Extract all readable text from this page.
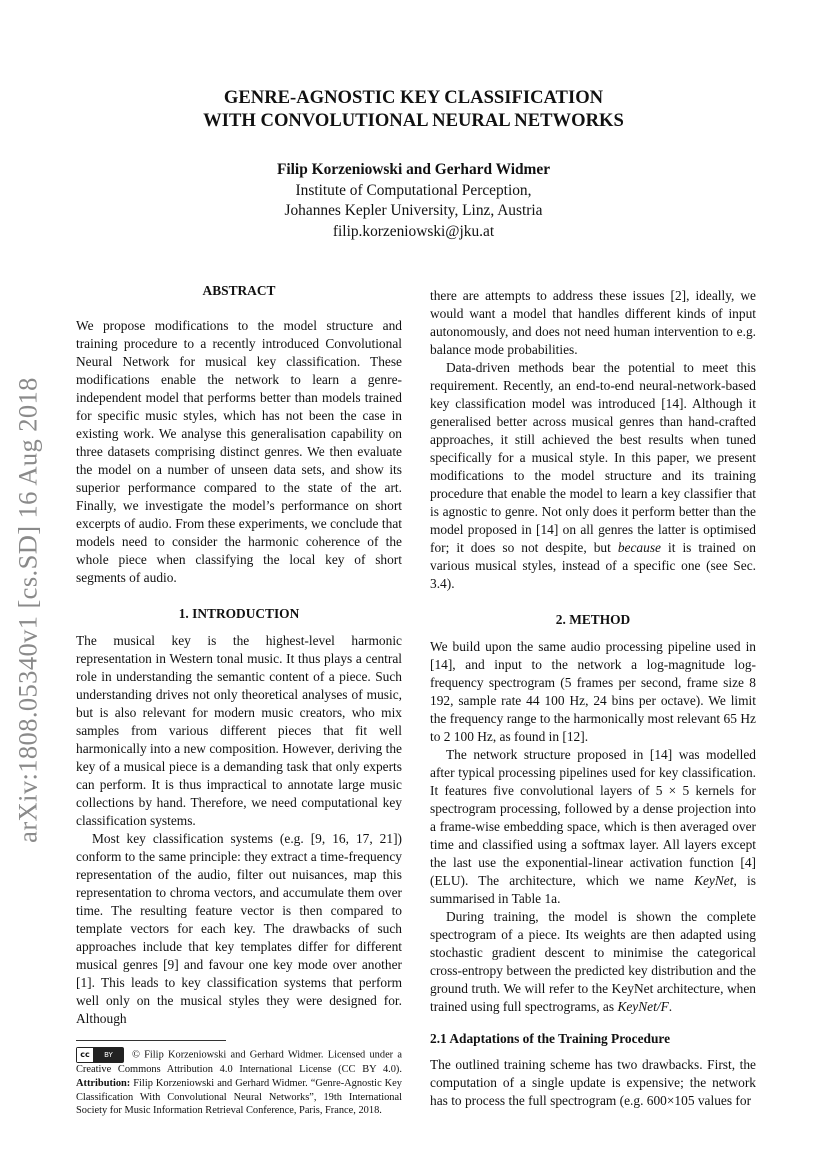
arXiv:1808.05340v1 [cs.SD] 16 Aug 2018
GENRE-AGNOSTIC KEY CLASSIFICATION
WITH CONVOLUTIONAL NEURAL NETWORKS
Filip Korzeniowski and Gerhard Widmer
Institute of Computational Perception,
Johannes Kepler University, Linz, Austria
filip.korzeniowski@jku.at
ABSTRACT

We propose modifications to the model structure and training procedure to a recently introduced Convolutional Neural Network for musical key classification. These modifications enable the network to learn a genre-independent model that performs better than models trained for specific music styles, which has not been the case in existing work. We analyse this generalisation capability on three datasets comprising distinct genres. We then evaluate the model on a number of unseen data sets, and show its superior performance compared to the state of the art. Finally, we investigate the model’s performance on short excerpts of audio. From these experiments, we conclude that models need to consider the harmonic coherence of the whole piece when classifying the local key of short segments of audio.

1. INTRODUCTION

The musical key is the highest-level harmonic representation in Western tonal music. It thus plays a central role in understanding the semantic content of a piece. Such understanding drives not only theoretical analyses of music, but is also relevant for modern music creators, who mix samples from various different pieces that fit well harmonically into a new composition. However, deriving the key of a musical piece is a demanding task that only experts can perform. It is thus impractical to annotate large music collections by hand. Therefore, we need computational key classification systems.

Most key classification systems (e.g. [9, 16, 17, 21]) conform to the same principle: they extract a time-frequency representation of the audio, filter out nuisances, map this representation to chroma vectors, and accumulate them over time. The resulting feature vector is then compared to template vectors for each key. The drawbacks of such approaches include that key templates differ for different musical genres [9] and favour one key mode over another [1]. This leads to key classification systems that perform well only on the musical styles they were designed for. Although

cc	BY	© Filip Korzeniowski and Gerhard Widmer. Licensed under a Creative Commons Attribution 4.0 International License (CC BY 4.0). Attribution: Filip Korzeniowski and Gerhard Widmer. “Genre-Agnostic Key Classification With Convolutional Neural Networks”, 19th International Society for Music Information Retrieval Conference, Paris, France, 2018.

there are attempts to address these issues [2], ideally, we would want a model that handles different kinds of input autonomously, and does not need human intervention to e.g. balance mode probabilities.

Data-driven methods bear the potential to meet this requirement. Recently, an end-to-end neural-network-based key classification model was introduced [14]. Although it generalised better across musical genres than hand-crafted approaches, it still achieved the best results when tuned specifically for a musical style. In this paper, we present modifications to the model structure and its training procedure that enable the model to learn a key classifier that is agnostic to genre. Not only does it perform better than the model proposed in [14] on all genres the latter is optimised for; it does so not despite, but because it is trained on various musical styles, instead of a specific one (see Sec. 3.4).

2. METHOD

We build upon the same audio processing pipeline used in [14], and input to the network a log-magnitude log-frequency spectrogram (5 frames per second, frame size 8 192, sample rate 44 100 Hz, 24 bins per octave). We limit the frequency range to the harmonically most relevant 65 Hz to 2 100 Hz, as found in [12].

The network structure proposed in [14] was modelled after typical processing pipelines used for key classification. It features five convolutional layers of 5 × 5 kernels for spectrogram processing, followed by a dense projection into a frame-wise embedding space, which is then averaged over time and classified using a softmax layer. All layers except the last use the exponential-linear activation function [4] (ELU). The architecture, which we name KeyNet, is summarised in Table 1a.

During training, the model is shown the complete spectrogram of a piece. Its weights are then adapted using stochastic gradient descent to minimise the categorical cross-entropy between the predicted key distribution and the ground truth. We will refer to the KeyNet architecture, when trained using full spectrograms, as KeyNet/F.

2.1 Adaptations of the Training Procedure

The outlined training scheme has two drawbacks. First, the computation of a single update is expensive; the network has to process the full spectrogram (e.g. 600×105 values for
